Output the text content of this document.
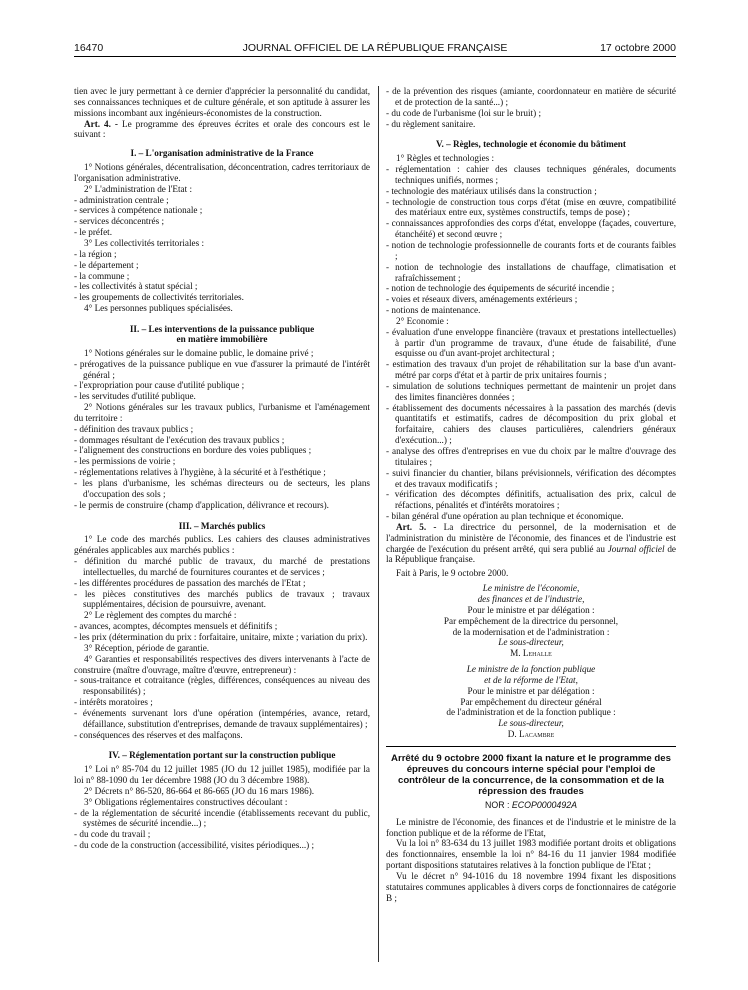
16470	JOURNAL OFFICIEL DE LA RÉPUBLIQUE FRANÇAISE	17 octobre 2000

tien avec le jury permettant à ce dernier d'apprécier la personnalité du candidat, ses connaissances techniques et de culture générale, et son aptitude à assurer les missions incombant aux ingénieurs-économistes de la construction.

Art. 4. - Le programme des épreuves écrites et orale des concours est le suivant :

I. – L'organisation administrative de la France

1° Notions générales, décentralisation, déconcentration, cadres territoriaux de l'organisation administrative.

2° L'administration de l'Etat :

- administration centrale ;

- services à compétence nationale ;

- services déconcentrés ;

- le préfet.

3° Les collectivités territoriales :

- la région ;

- le département ;

- la commune ;

- les collectivités à statut spécial ;

- les groupements de collectivités territoriales.

4° Les personnes publiques spécialisées.

II. – Les interventions de la puissance publique
en matière immobilière

1° Notions générales sur le domaine public, le domaine privé ;

- prérogatives de la puissance publique en vue d'assurer la primauté de l'intérêt général ;

- l'expropriation pour cause d'utilité publique ;

- les servitudes d'utilité publique.

2° Notions générales sur les travaux publics, l'urbanisme et l'aménagement du territoire :

- définition des travaux publics ;

- dommages résultant de l'exécution des travaux publics ;

- l'alignement des constructions en bordure des voies publiques ;

- les permissions de voirie ;

- réglementations relatives à l'hygiène, à la sécurité et à l'esthétique ;

- les plans d'urbanisme, les schémas directeurs ou de secteurs, les plans d'occupation des sols ;

- le permis de construire (champ d'application, délivrance et recours).

III. – Marchés publics

1° Le code des marchés publics. Les cahiers des clauses administratives générales applicables aux marchés publics :

- définition du marché public de travaux, du marché de prestations intellectuelles, du marché de fournitures courantes et de services ;

- les différentes procédures de passation des marchés de l'Etat ;

- les pièces constitutives des marchés publics de travaux ; travaux supplémentaires, décision de poursuivre, avenant.

2° Le règlement des comptes du marché :

- avances, acomptes, décomptes mensuels et définitifs ;

- les prix (détermination du prix : forfaitaire, unitaire, mixte ; variation du prix).

3° Réception, période de garantie.

4° Garanties et responsabilités respectives des divers intervenants à l'acte de construire (maître d'ouvrage, maître d'œuvre, entrepreneur) :

- sous-traitance et cotraitance (règles, différences, conséquences au niveau des responsabilités) ;

- intérêts moratoires ;

- événements survenant lors d'une opération (intempéries, avance, retard, défaillance, substitution d'entreprises, demande de travaux supplémentaires) ;

- conséquences des réserves et des malfaçons.

IV. – Réglementation portant sur la construction publique

1° Loi n° 85-704 du 12 juillet 1985 (JO du 12 juillet 1985), modifiée par la loi n° 88-1090 du 1er décembre 1988 (JO du 3 décembre 1988).

2° Décrets n° 86-520, 86-664 et 86-665 (JO du 16 mars 1986).

3° Obligations réglementaires constructives découlant :

- de la réglementation de sécurité incendie (établissements recevant du public, systèmes de sécurité incendie...) ;

- du code du travail ;

- du code de la construction (accessibilité, visites périodiques...) ;

- de la prévention des risques (amiante, coordonnateur en matière de sécurité et de protection de la santé...) ;

- du code de l'urbanisme (loi sur le bruit) ;

- du règlement sanitaire.

V. – Règles, technologie et économie du bâtiment

1° Règles et technologies :

- réglementation : cahier des clauses techniques générales, documents techniques unifiés, normes ;

- technologie des matériaux utilisés dans la construction ;

- technologie de construction tous corps d'état (mise en œuvre, compatibilité des matériaux entre eux, systèmes constructifs, temps de pose) ;

- connaissances approfondies des corps d'état, enveloppe (façades, couverture, étanchéité) et second œuvre ;

- notion de technologie professionnelle de courants forts et de courants faibles ;

- notion de technologie des installations de chauffage, climatisation et rafraîchissement ;

- notion de technologie des équipements de sécurité incendie ;

- voies et réseaux divers, aménagements extérieurs ;

- notions de maintenance.

2° Economie :

- évaluation d'une enveloppe financière (travaux et prestations intellectuelles) à partir d'un programme de travaux, d'une étude de faisabilité, d'une esquisse ou d'un avant-projet architectural ;

- estimation des travaux d'un projet de réhabilitation sur la base d'un avant-métré par corps d'état et à partir de prix unitaires fournis ;

- simulation de solutions techniques permettant de maintenir un projet dans des limites financières données ;

- établissement des documents nécessaires à la passation des marchés (devis quantitatifs et estimatifs, cadres de décomposition du prix global et forfaitaire, cahiers des clauses particulières, calendriers généraux d'exécution...) ;

- analyse des offres d'entreprises en vue du choix par le maître d'ouvrage des titulaires ;

- suivi financier du chantier, bilans prévisionnels, vérification des décomptes et des travaux modificatifs ;

- vérification des décomptes définitifs, actualisation des prix, calcul de réfactions, pénalités et d'intérêts moratoires ;

- bilan général d'une opération au plan technique et économique.

Art. 5. - La directrice du personnel, de la modernisation et de l'administration du ministère de l'économie, des finances et de l'industrie est chargée de l'exécution du présent arrêté, qui sera publié au Journal officiel de la République française.

Fait à Paris, le 9 octobre 2000.

Le ministre de l'économie,
des finances et de l'industrie,
Pour le ministre et par délégation :
Par empêchement de la directrice du personnel,
de la modernisation et de l'administration :
Le sous-directeur,
M. Lehalle
Le ministre de la fonction publique
et de la réforme de l'Etat,
Pour le ministre et par délégation :
Par empêchement du directeur général
de l'administration et de la fonction publique :
Le sous-directeur,
D. Lacambre
Arrêté du 9 octobre 2000 fixant la nature et le programme des épreuves du concours interne spécial pour l'emploi de contrôleur de la concurrence, de la consommation et de la répression des fraudes
NOR : ECOP0000492A

Le ministre de l'économie, des finances et de l'industrie et le ministre de la fonction publique et de la réforme de l'Etat,

Vu la loi n° 83-634 du 13 juillet 1983 modifiée portant droits et obligations des fonctionnaires, ensemble la loi n° 84-16 du 11 janvier 1984 modifiée portant dispositions statutaires relatives à la fonction publique de l'Etat ;

Vu le décret n° 94-1016 du 18 novembre 1994 fixant les dispositions statutaires communes applicables à divers corps de fonctionnaires de catégorie B ;
